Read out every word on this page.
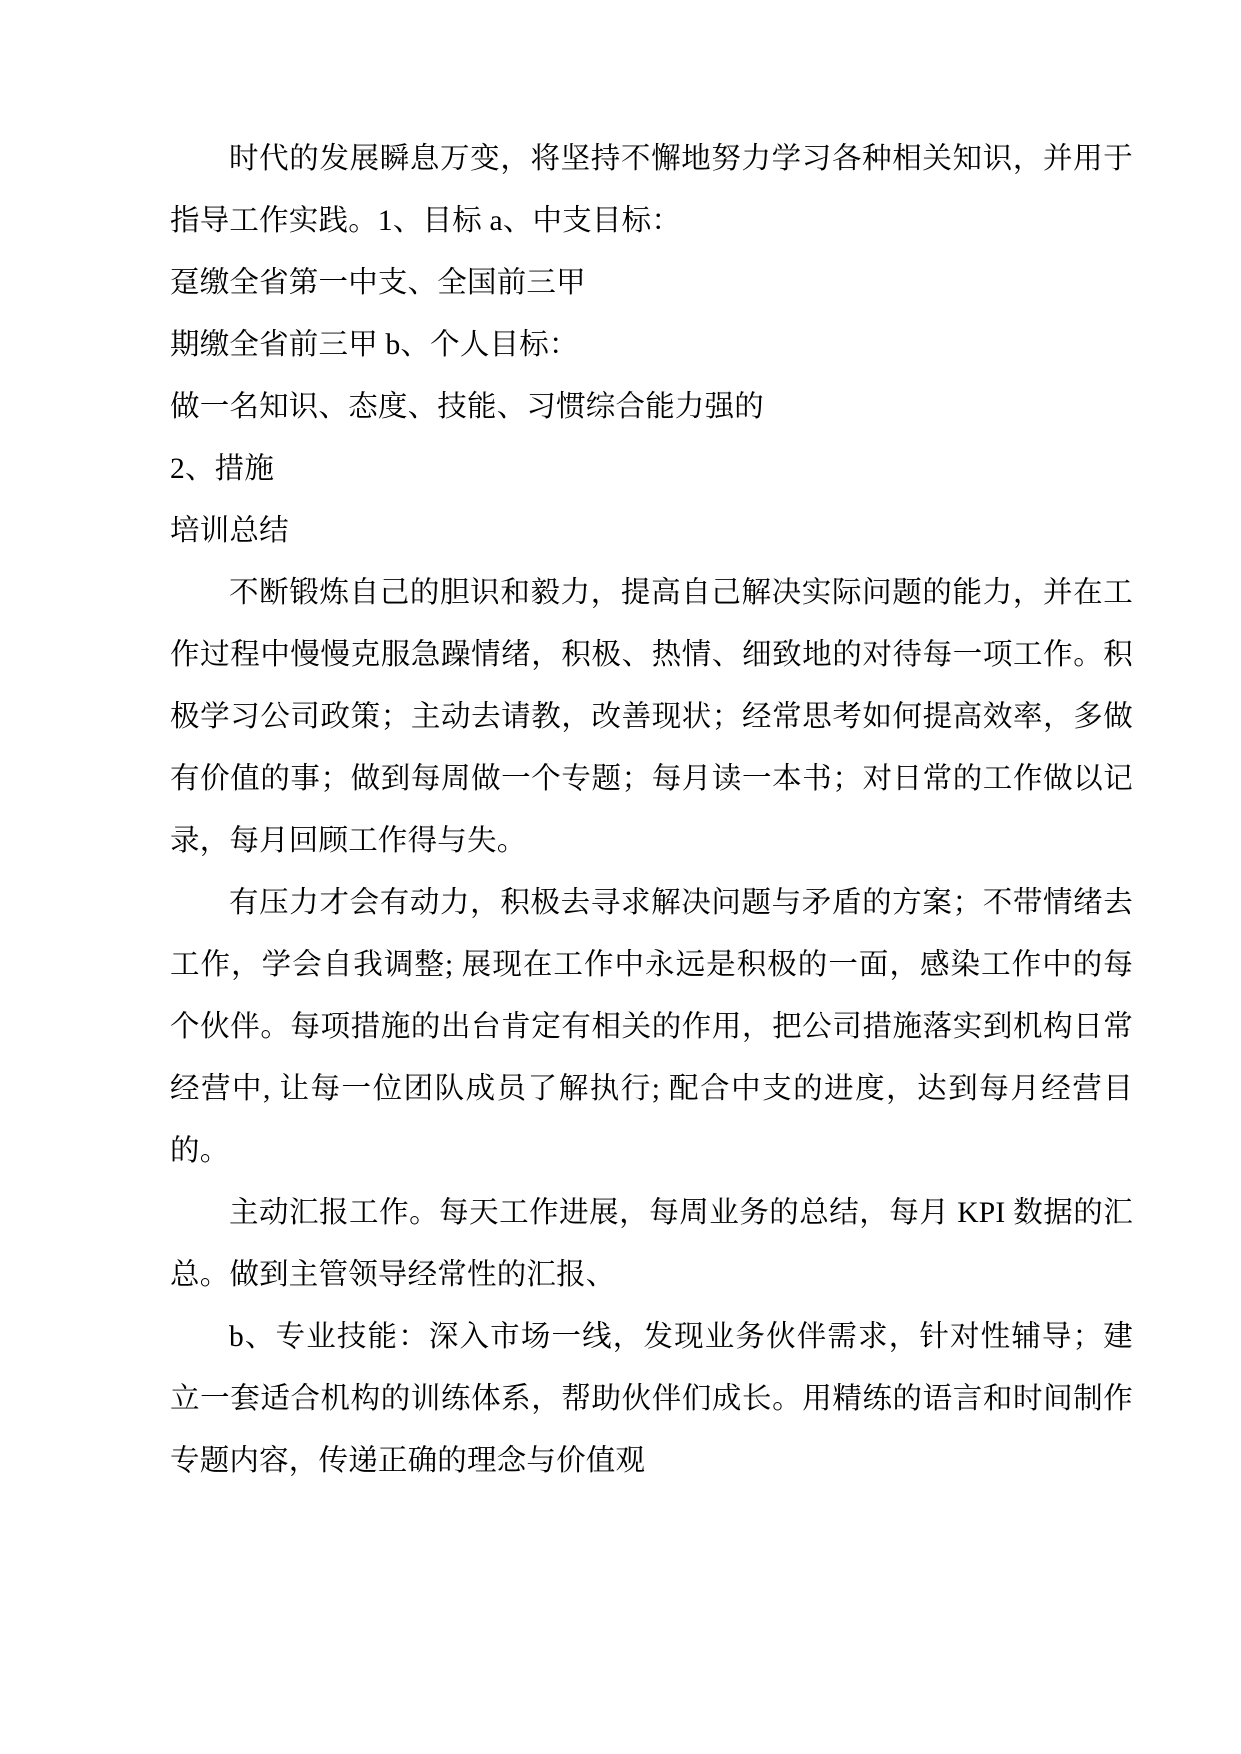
时代的发展瞬息万变，将坚持不懈地努力学习各种相关知识，并用于指导工作实践。1、目标 a、中支目标：

趸缴全省第一中支、全国前三甲

期缴全省前三甲 b、个人目标：

做一名知识、态度、技能、习惯综合能力强的

2、措施

培训总结

不断锻炼自己的胆识和毅力，提高自己解决实际问题的能力，并在工作过程中慢慢克服急躁情绪，积极、热情、细致地的对待每一项工作。积极学习公司政策；主动去请教，改善现状；经常思考如何提高效率，多做有价值的事；做到每周做一个专题；每月读一本书；对日常的工作做以记录，每月回顾工作得与失。

有压力才会有动力，积极去寻求解决问题与矛盾的方案；不带情绪去工作，学会自我调整; 展现在工作中永远是积极的一面，感染工作中的每个伙伴。每项措施的出台肯定有相关的作用，把公司措施落实到机构日常经营中, 让每一位团队成员了解执行; 配合中支的进度，达到每月经营目的。

主动汇报工作。每天工作进展，每周业务的总结，每月 KPI 数据的汇总。做到主管领导经常性的汇报、

b、专业技能：深入市场一线，发现业务伙伴需求，针对性辅导；建立一套适合机构的训练体系，帮助伙伴们成长。用精练的语言和时间制作专题内容，传递正确的理念与价值观
